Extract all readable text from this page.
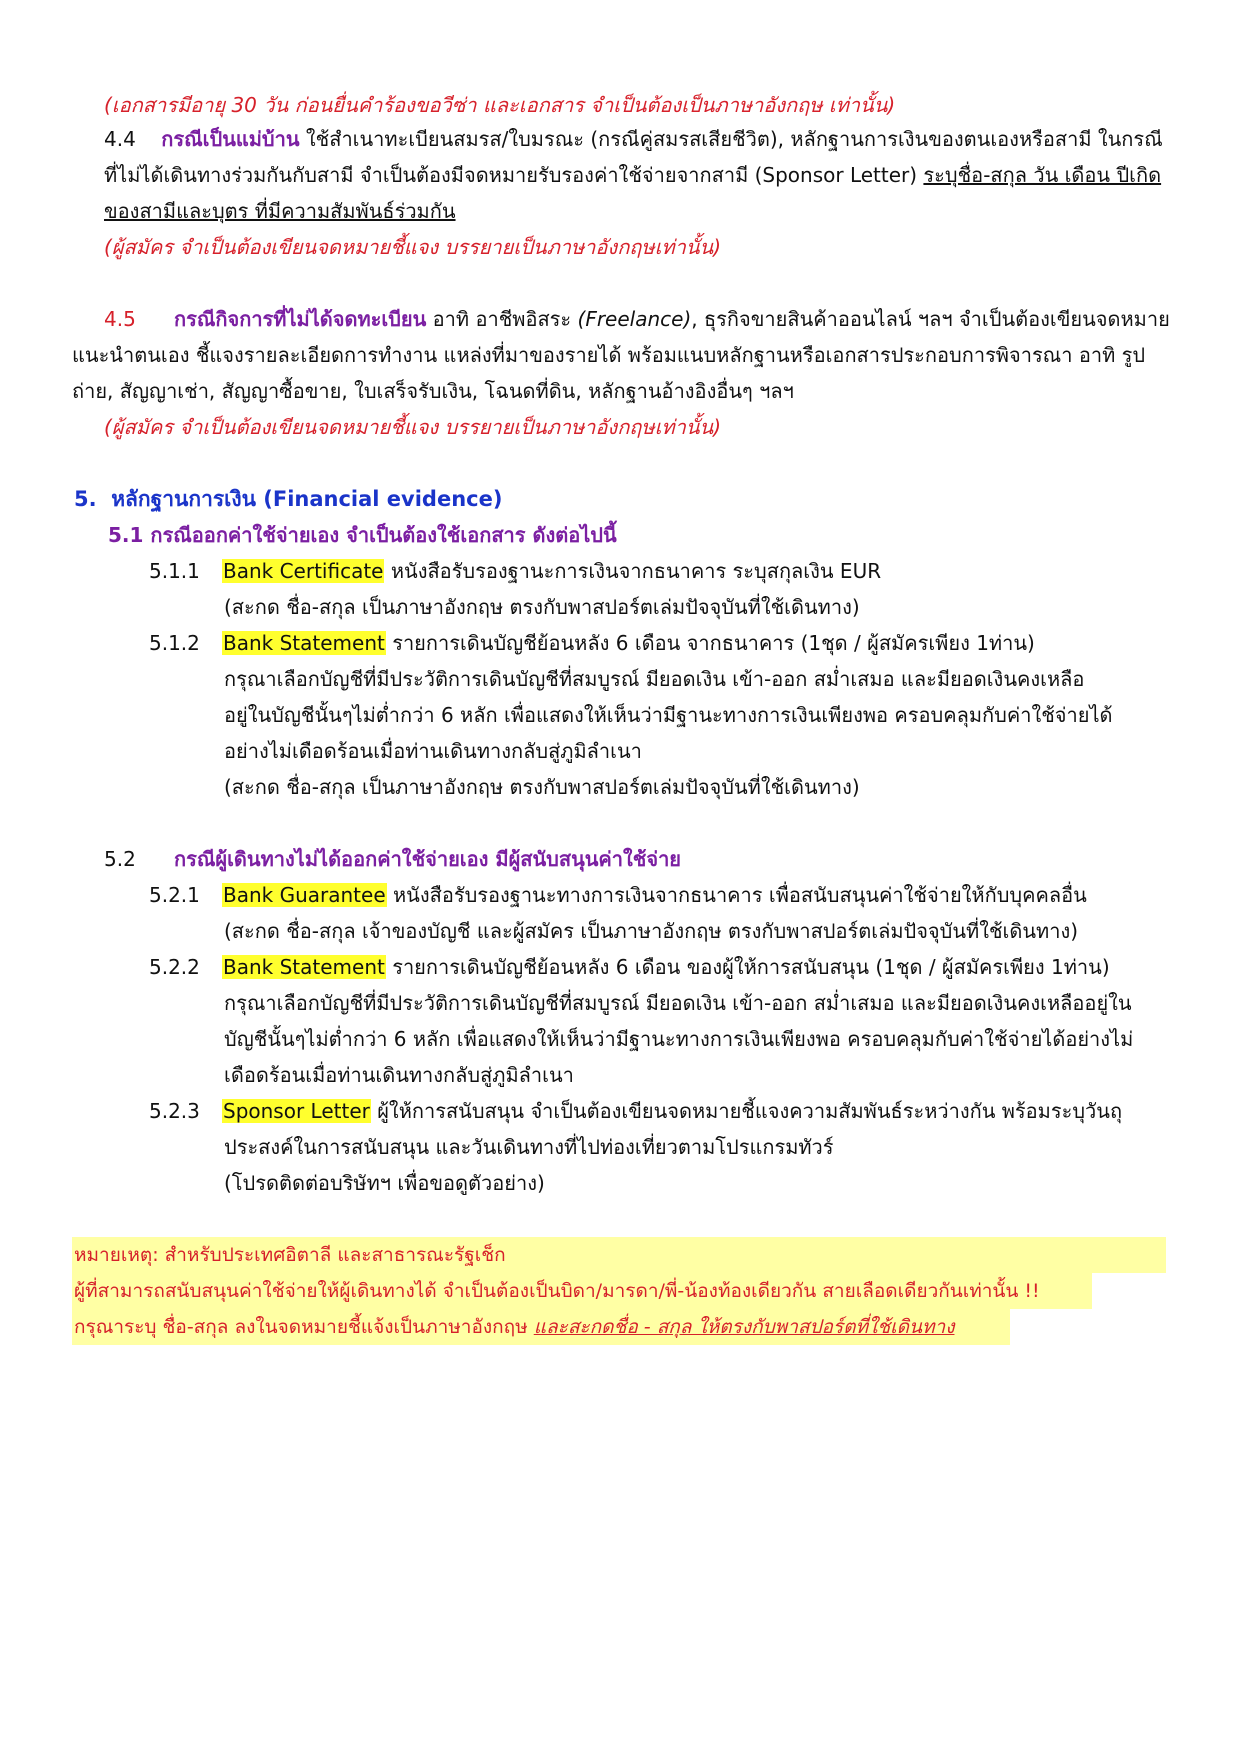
(เอกสารมีอายุ 30 วัน ก่อนยื่นคำร้องขอวีซ่า และเอกสาร จำเป็นต้องเป็นภาษาอังกฤษ เท่านั้น)
4.4 กรณีเป็นแม่บ้าน ใช้สำเนาทะเบียนสมรส/ใบมรณะ (กรณีคู่สมรสเสียชีวิต), หลักฐานการเงินของตนเองหรือสามี ในกรณี
ที่ไม่ได้เดินทางร่วมกันกับสามี จำเป็นต้องมีจดหมายรับรองค่าใช้จ่ายจากสามี (Sponsor Letter) ระบุชื่อ-สกุล วัน เดือน ปีเกิด
ของสามีและบุตร ที่มีความสัมพันธ์ร่วมกัน
(ผู้สมัคร จำเป็นต้องเขียนจดหมายชี้แจง บรรยายเป็นภาษาอังกฤษเท่านั้น)
4.5 กรณีกิจการที่ไม่ได้จดทะเบียน อาทิ อาชีพอิสระ (Freelance), ธุรกิจขายสินค้าออนไลน์ ฯลฯ จำเป็นต้องเขียนจดหมาย
แนะนำตนเอง ชี้แจงรายละเอียดการทำงาน แหล่งที่มาของรายได้ พร้อมแนบหลักฐานหรือเอกสารประกอบการพิจารณา อาทิ รูป
ถ่าย, สัญญาเช่า, สัญญาซื้อขาย, ใบเสร็จรับเงิน, โฉนดที่ดิน, หลักฐานอ้างอิงอื่นๆ ฯลฯ
(ผู้สมัคร จำเป็นต้องเขียนจดหมายชี้แจง บรรยายเป็นภาษาอังกฤษเท่านั้น)
5. หลักฐานการเงิน (Financial evidence)
5.1 กรณีออกค่าใช้จ่ายเอง จำเป็นต้องใช้เอกสาร ดังต่อไปนี้
5.1.1 Bank Certificate หนังสือรับรองฐานะการเงินจากธนาคาร ระบุสกุลเงิน EUR
(สะกด ชื่อ-สกุล เป็นภาษาอังกฤษ ตรงกับพาสปอร์ตเล่มปัจจุบันที่ใช้เดินทาง)
5.1.2 Bank Statement รายการเดินบัญชีย้อนหลัง 6 เดือน จากธนาคาร (1ชุด / ผู้สมัครเพียง 1ท่าน)
กรุณาเลือกบัญชีที่มีประวัติการเดินบัญชีที่สมบูรณ์ มียอดเงิน เข้า-ออก สม่ำเสมอ และมียอดเงินคงเหลือ
อยู่ในบัญชีนั้นๆไม่ต่ำกว่า 6 หลัก เพื่อแสดงให้เห็นว่ามีฐานะทางการเงินเพียงพอ ครอบคลุมกับค่าใช้จ่ายได้
อย่างไม่เดือดร้อนเมื่อท่านเดินทางกลับสู่ภูมิลำเนา
(สะกด ชื่อ-สกุล เป็นภาษาอังกฤษ ตรงกับพาสปอร์ตเล่มปัจจุบันที่ใช้เดินทาง)
5.2 กรณีผู้เดินทางไม่ได้ออกค่าใช้จ่ายเอง มีผู้สนับสนุนค่าใช้จ่าย
5.2.1 Bank Guarantee หนังสือรับรองฐานะทางการเงินจากธนาคาร เพื่อสนับสนุนค่าใช้จ่ายให้กับบุคคลอื่น
(สะกด ชื่อ-สกุล เจ้าของบัญชี และผู้สมัคร เป็นภาษาอังกฤษ ตรงกับพาสปอร์ตเล่มปัจจุบันที่ใช้เดินทาง)
5.2.2 Bank Statement รายการเดินบัญชีย้อนหลัง 6 เดือน ของผู้ให้การสนับสนุน (1ชุด / ผู้สมัครเพียง 1ท่าน)
กรุณาเลือกบัญชีที่มีประวัติการเดินบัญชีที่สมบูรณ์ มียอดเงิน เข้า-ออก สม่ำเสมอ และมียอดเงินคงเหลืออยู่ใน
บัญชีนั้นๆไม่ต่ำกว่า 6 หลัก เพื่อแสดงให้เห็นว่ามีฐานะทางการเงินเพียงพอ ครอบคลุมกับค่าใช้จ่ายได้อย่างไม่
เดือดร้อนเมื่อท่านเดินทางกลับสู่ภูมิลำเนา
5.2.3 Sponsor Letter ผู้ให้การสนับสนุน จำเป็นต้องเขียนจดหมายชี้แจงความสัมพันธ์ระหว่างกัน พร้อมระบุวันถุ
ประสงค์ในการสนับสนุน และวันเดินทางที่ไปท่องเที่ยวตามโปรแกรมทัวร์
(โปรดติดต่อบริษัทฯ เพื่อขอดูตัวอย่าง)
หมายเหตุ: สำหรับประเทศอิตาลี และสาธารณะรัฐเช็ก
ผู้ที่สามารถสนับสนุนค่าใช้จ่ายให้ผู้เดินทางได้ จำเป็นต้องเป็นบิดา/มารดา/พี่-น้องท้องเดียวกัน สายเลือดเดียวกันเท่านั้น !!
กรุณาระบุ ชื่อ-สกุล ลงในจดหมายชี้แจ้งเป็นภาษาอังกฤษ และสะกดชื่อ - สกุล ให้ตรงกับพาสปอร์ตที่ใช้เดินทาง
